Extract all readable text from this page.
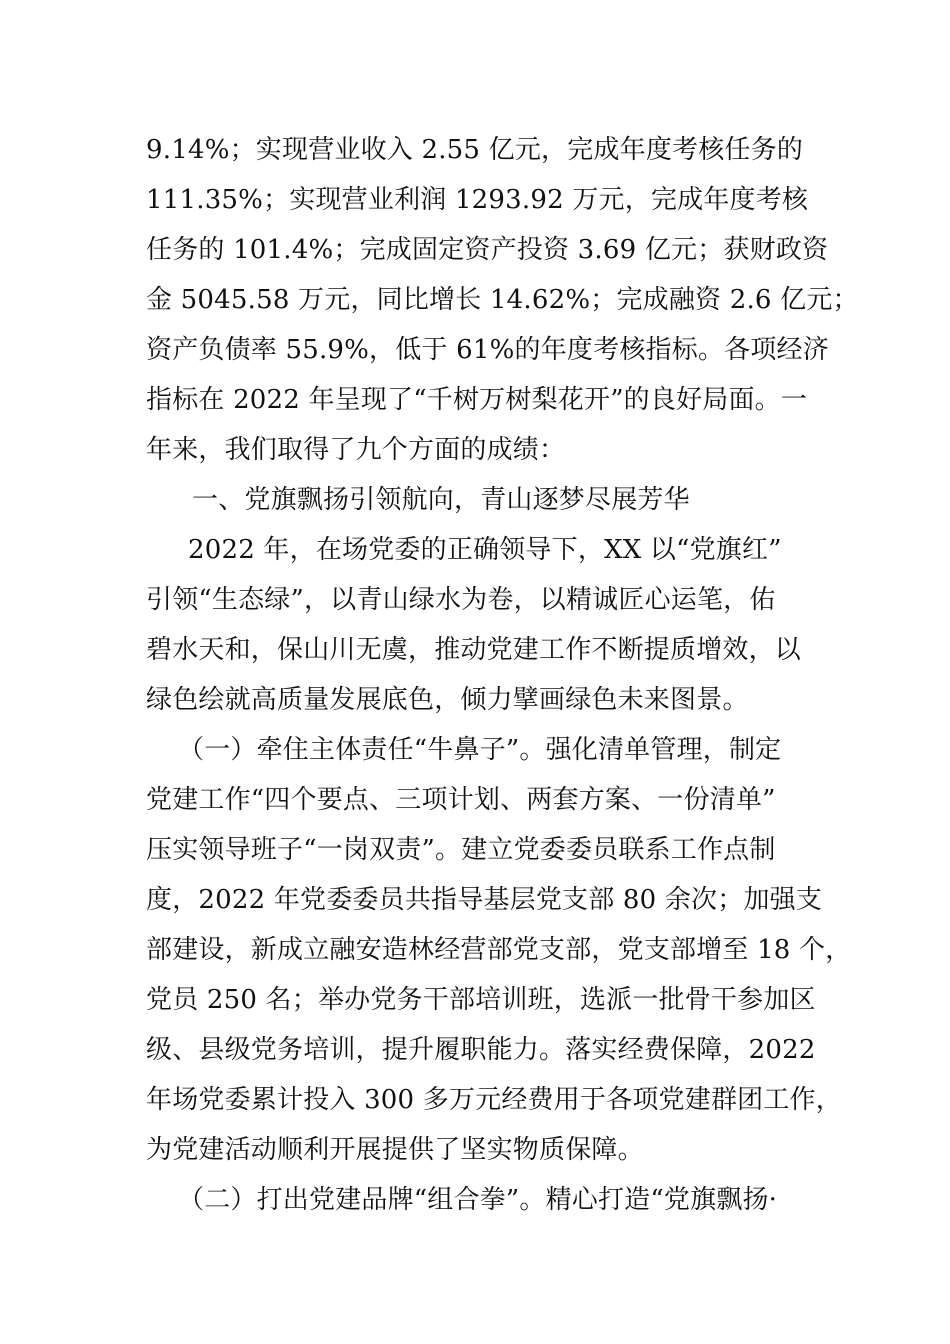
9.14%；实现营业收入 2.55 亿元，完成年度考核任务的
111.35%；实现营业利润 1293.92 万元，完成年度考核
任务的 101.4%；完成固定资产投资 3.69 亿元；获财政资
金 5045.58 万元，同比增长 14.62%；完成融资 2.6 亿元；
资产负债率 55.9%，低于 61%的年度考核指标。各项经济
指标在 2022 年呈现了“千树万树梨花开”的良好局面。一
年来，我们取得了九个方面的成绩：
一、党旗飘扬引领航向，青山逐梦尽展芳华
2022 年，在场党委的正确领导下，XX 以“党旗红”
引领“生态绿”，以青山绿水为卷，以精诚匠心运笔，佑
碧水天和，保山川无虞，推动党建工作不断提质增效，以
绿色绘就高质量发展底色，倾力擘画绿色未来图景。
（一）牵住主体责任“牛鼻子”。强化清单管理，制定
党建工作“四个要点、三项计划、两套方案、一份清单”
压实领导班子“一岗双责”。建立党委委员联系工作点制
度，2022 年党委委员共指导基层党支部 80 余次；加强支
部建设，新成立融安造林经营部党支部，党支部增至 18 个，
党员 250 名；举办党务干部培训班，选派一批骨干参加区
级、县级党务培训，提升履职能力。落实经费保障，2022
年场党委累计投入 300 多万元经费用于各项党建群团工作，
为党建活动顺利开展提供了坚实物质保障。
（二）打出党建品牌“组合拳”。精心打造“党旗飘扬·
